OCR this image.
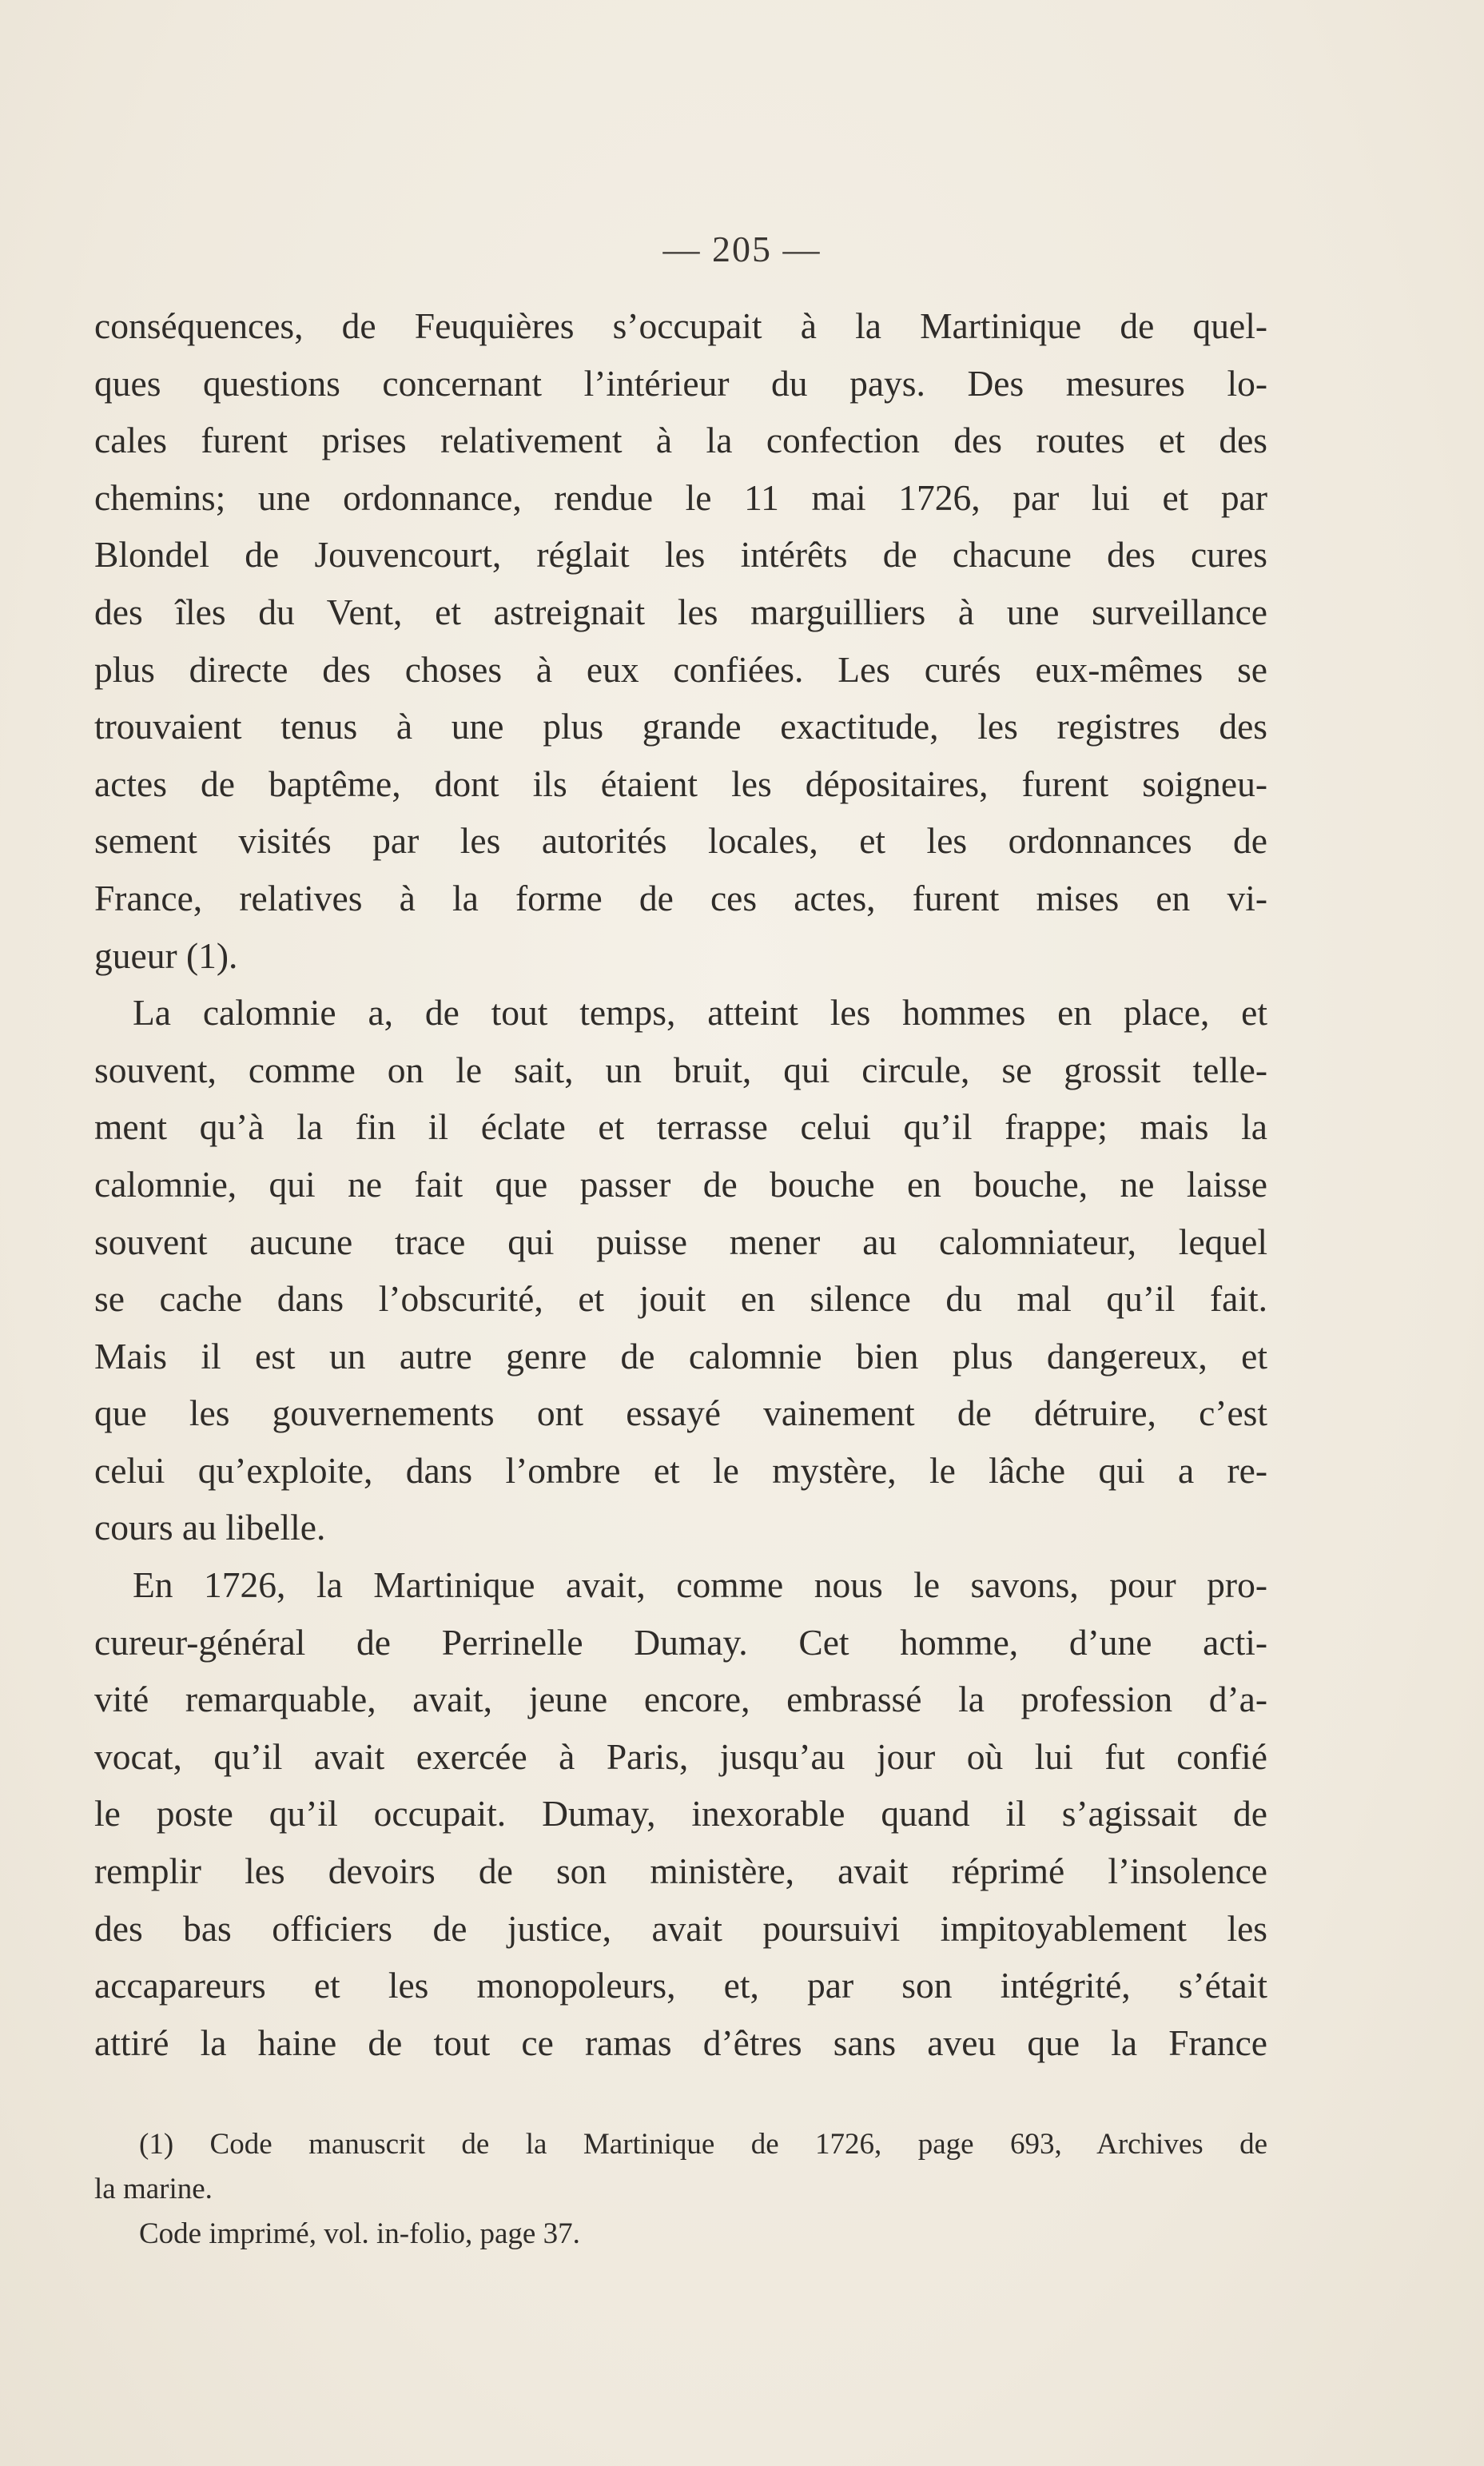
— 205 —
conséquences, de Feuquières s’occupait à la Martinique de quel-
ques questions concernant l’intérieur du pays. Des mesures lo-
cales furent prises relativement à la confection des routes et des
chemins; une ordonnance, rendue le 11 mai 1726, par lui et par
Blondel de Jouvencourt, réglait les intérêts de chacune des cures
des îles du Vent, et astreignait les marguilliers à une surveillance
plus directe des choses à eux confiées. Les curés eux-mêmes se
trouvaient tenus à une plus grande exactitude, les registres des
actes de baptême, dont ils étaient les dépositaires, furent soigneu-
sement visités par les autorités locales, et les ordonnances de
France, relatives à la forme de ces actes, furent mises en vi-
gueur (1).
La calomnie a, de tout temps, atteint les hommes en place, et
souvent, comme on le sait, un bruit, qui circule, se grossit telle-
ment qu’à la fin il éclate et terrasse celui qu’il frappe; mais la
calomnie, qui ne fait que passer de bouche en bouche, ne laisse
souvent aucune trace qui puisse mener au calomniateur, lequel
se cache dans l’obscurité, et jouit en silence du mal qu’il fait.
Mais il est un autre genre de calomnie bien plus dangereux, et
que les gouvernements ont essayé vainement de détruire, c’est
celui qu’exploite, dans l’ombre et le mystère, le lâche qui a re-
cours au libelle.
En 1726, la Martinique avait, comme nous le savons, pour pro-
cureur-général de Perrinelle Dumay. Cet homme, d’une acti-
vité remarquable, avait, jeune encore, embrassé la profession d’a-
vocat, qu’il avait exercée à Paris, jusqu’au jour où lui fut confié
le poste qu’il occupait. Dumay, inexorable quand il s’agissait de
remplir les devoirs de son ministère, avait réprimé l’insolence
des bas officiers de justice, avait poursuivi impitoyablement les
accapareurs et les monopoleurs, et, par son intégrité, s’était
attiré la haine de tout ce ramas d’êtres sans aveu que la France
(1) Code manuscrit de la Martinique de 1726, page 693, Archives de
la marine.
Code imprimé, vol. in-folio, page 37.
